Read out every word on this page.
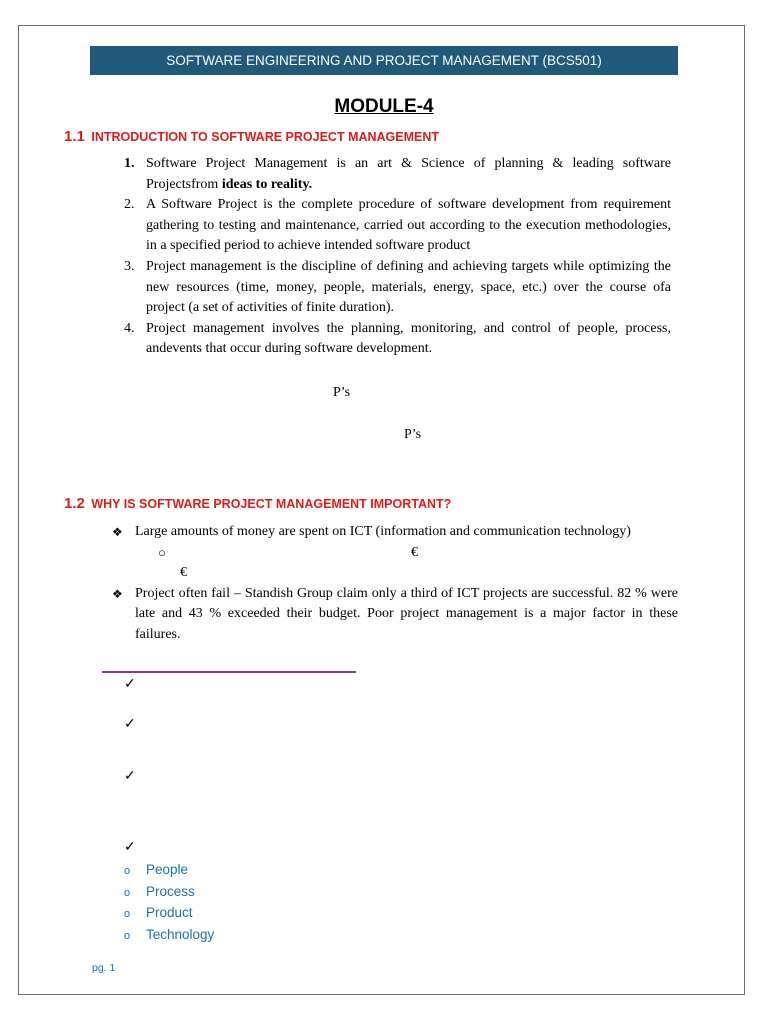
SOFTWARE ENGINEERING AND PROJECT MANAGEMENT (BCS501)
MODULE-4
1.1 INTRODUCTION TO SOFTWARE PROJECT MANAGEMENT
1. Software Project Management is an art & Science of planning & leading software Projectsfrom ideas to reality.
2. A Software Project is the complete procedure of software development from requirement gathering to testing and maintenance, carried out according to the execution methodologies, in a specified period to achieve intended software product
3. Project management is the discipline of defining and achieving targets while optimizing the new resources (time, money, people, materials, energy, space, etc.) over the course ofa project (a set of activities of finite duration).
4. Project management involves the planning, monitoring, and control of people, process, andevents that occur during software development.
P’s
P’s
1.2 WHY IS SOFTWARE PROJECT MANAGEMENT IMPORTANT?
❖ Large amounts of money are spent on ICT (information and communication technology)
❖ Project often fail – Standish Group claim only a third of ICT projects are successful. 82 % were late and 43 % exceeded their budget. Poor project management is a major factor in these failures.
○	€
€
✓
✓
✓
✓
o People
o Process
o Product
o Technology
pg. 1
